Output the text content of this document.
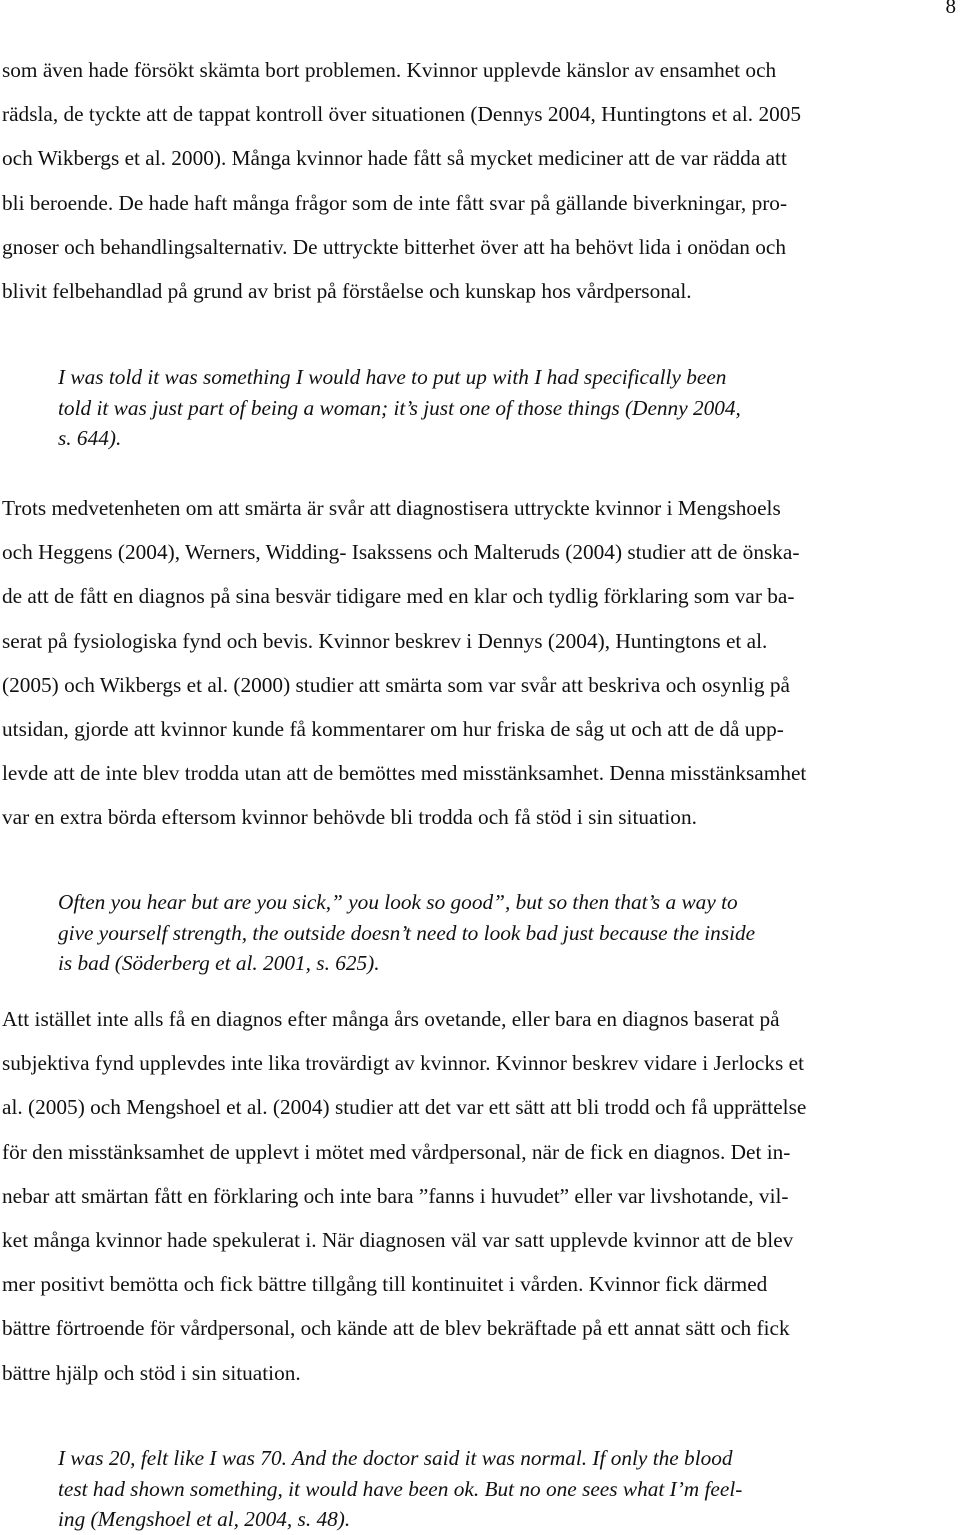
8

som även hade försökt skämta bort problemen. Kvinnor upplevde känslor av ensamhet och
rädsla, de tyckte att de tappat kontroll över situationen (Dennys 2004, Huntingtons et al. 2005
och Wikbergs et al. 2000). Många kvinnor hade fått så mycket mediciner att de var rädda att
bli beroende. De hade haft många frågor som de inte fått svar på gällande biverkningar, pro-
gnoser och behandlingsalternativ. De uttryckte bitterhet över att ha behövt lida i onödan och
blivit felbehandlad på grund av brist på förståelse och kunskap hos vårdpersonal.

I was told it was something I would have to put up with I had specifically been
told it was just part of being a woman; it’s just one of those things (Denny 2004,
s. 644).

Trots medvetenheten om att smärta är svår att diagnostisera uttryckte kvinnor i Mengshoels
och Heggens (2004), Werners, Widding- Isakssens och Malteruds (2004) studier att de önska-
de att de fått en diagnos på sina besvär tidigare med en klar och tydlig förklaring som var ba-
serat på fysiologiska fynd och bevis. Kvinnor beskrev i Dennys (2004), Huntingtons et al.
(2005) och Wikbergs et al. (2000) studier att smärta som var svår att beskriva och osynlig på
utsidan, gjorde att kvinnor kunde få kommentarer om hur friska de såg ut och att de då upp-
levde att de inte blev trodda utan att de bemöttes med misstänksamhet. Denna misstänksamhet
var en extra börda eftersom kvinnor behövde bli trodda och få stöd i sin situation.

Often you hear but are you sick,” you look so good”, but so then that’s a way to
give yourself strength, the outside doesn’t need to look bad just because the inside
is bad (Söderberg et al. 2001, s. 625).

Att istället inte alls få en diagnos efter många års ovetande, eller bara en diagnos baserat på
subjektiva fynd upplevdes inte lika trovärdigt av kvinnor. Kvinnor beskrev vidare i Jerlocks et
al. (2005) och Mengshoel et al. (2004) studier att det var ett sätt att bli trodd och få upprättelse
för den misstänksamhet de upplevt i mötet med vårdpersonal, när de fick en diagnos. Det in-
nebar att smärtan fått en förklaring och inte bara ”fanns i huvudet” eller var livshotande, vil-
ket många kvinnor hade spekulerat i. När diagnosen väl var satt upplevde kvinnor att de blev
mer positivt bemötta och fick bättre tillgång till kontinuitet i vården. Kvinnor fick därmed
bättre förtroende för vårdpersonal, och kände att de blev bekräftade på ett annat sätt och fick
bättre hjälp och stöd i sin situation.

I was 20, felt like I was 70. And the doctor said it was normal. If only the blood
test had shown something, it would have been ok. But no one sees what I’m feel-
ing (Mengshoel et al, 2004, s. 48).
